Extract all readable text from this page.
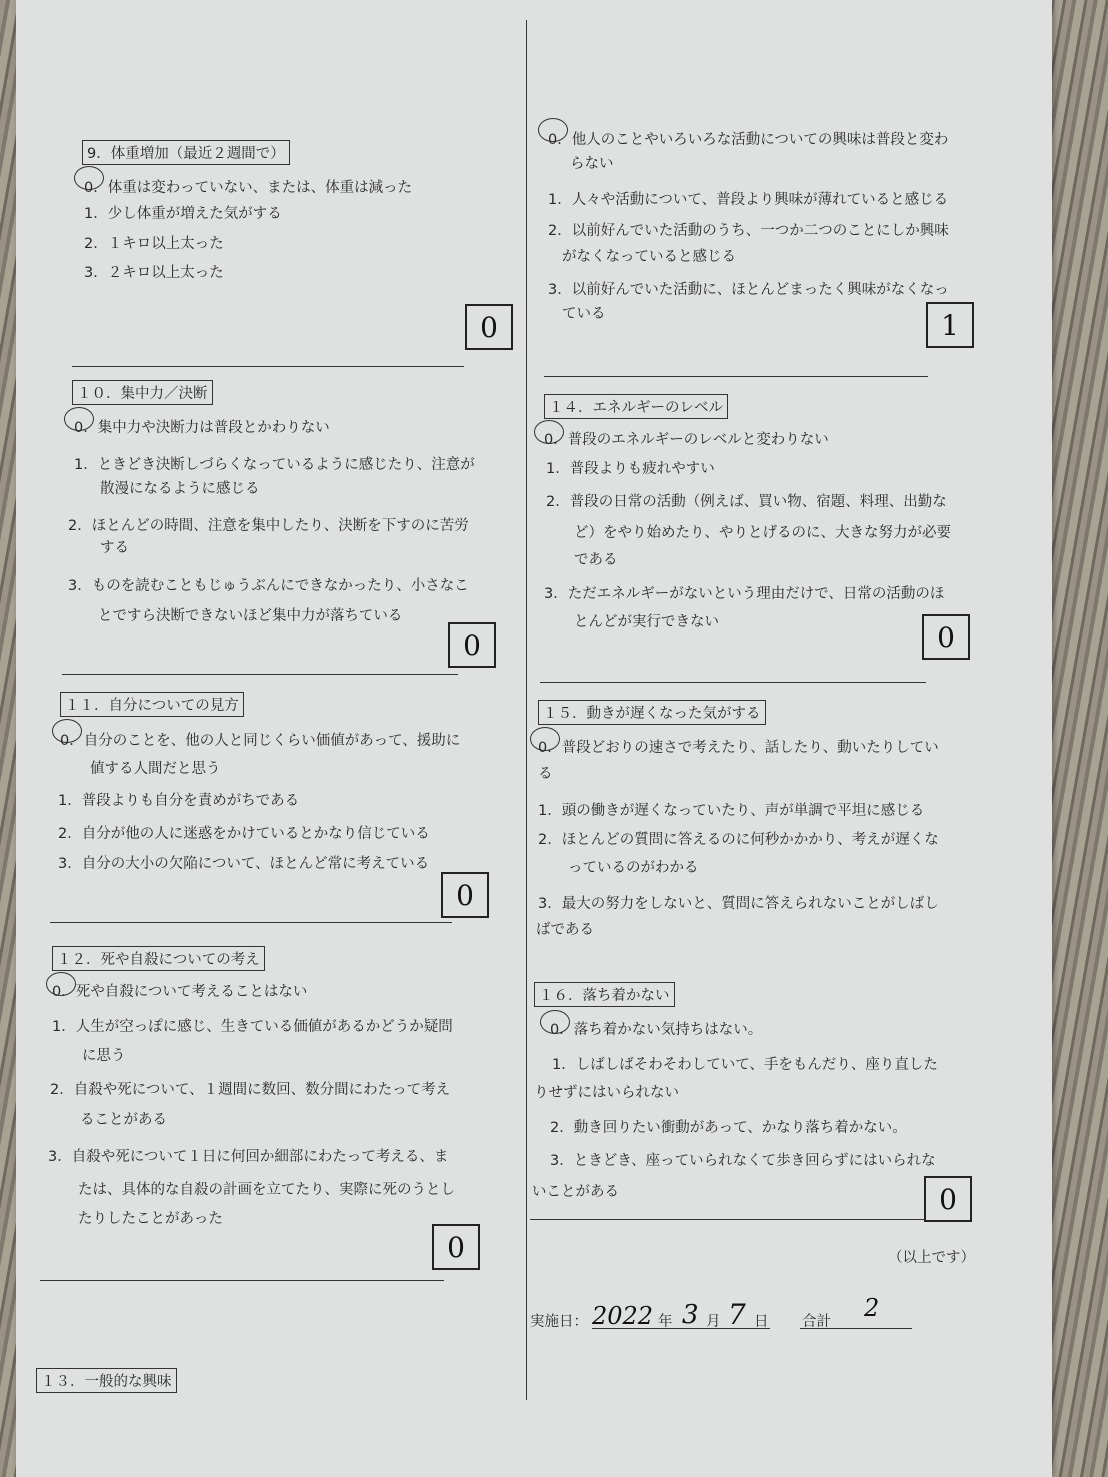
9．体重増加（最近２週間で）
0．体重は変わっていない、または、体重は減った
1．少し体重が増えた気がする
2．１キロ以上太った
3．２キロ以上太った
0
１０．集中力／決断
0．集中力や決断力は普段とかわりない
1．ときどき決断しづらくなっているように感じたり、注意が
散漫になるように感じる
2．ほとんどの時間、注意を集中したり、決断を下すのに苦労
する
3．ものを読むこともじゅうぶんにできなかったり、小さなこ
とですら決断できないほど集中力が落ちている
0
１１．自分についての見方
0．自分のことを、他の人と同じくらい価値があって、援助に
値する人間だと思う
1．普段よりも自分を責めがちである
2．自分が他の人に迷惑をかけているとかなり信じている
3．自分の大小の欠陥について、ほとんど常に考えている
0
１２．死や自殺についての考え
0．死や自殺について考えることはない
1．人生が空っぽに感じ、生きている価値があるかどうか疑問
に思う
2．自殺や死について、１週間に数回、数分間にわたって考え
ることがある
3．自殺や死について１日に何回か細部にわたって考える、ま
たは、具体的な自殺の計画を立てたり、実際に死のうとし
たりしたことがあった
0
１３．一般的な興味
0．他人のことやいろいろな活動についての興味は普段と変わ
らない
1．人々や活動について、普段より興味が薄れていると感じる
2．以前好んでいた活動のうち、一つか二つのことにしか興味
がなくなっていると感じる
3．以前好んでいた活動に、ほとんどまったく興味がなくなっ
ている	1
１４．エネルギーのレベル
0．普段のエネルギーのレベルと変わりない
1．普段よりも疲れやすい
2．普段の日常の活動（例えば、買い物、宿題、料理、出勤な
ど）をやり始めたり、やりとげるのに、大きな努力が必要
である
3．ただエネルギーがないという理由だけで、日常の活動のほ
とんどが実行できない	0
１５．動きが遅くなった気がする
0．普段どおりの速さで考えたり、話したり、動いたりしてい
る
1．頭の働きが遅くなっていたり、声が単調で平坦に感じる
2．ほとんどの質問に答えるのに何秒かかかり、考えが遅くな
っているのがわかる
3．最大の努力をしないと、質問に答えられないことがしばし
ばである
１６．落ち着かない
0．落ち着かない気持ちはない。
1．しばしばそわそわしていて、手をもんだり、座り直した
りせずにはいられない
2．動き回りたい衝動があって、かなり落ち着かない。
3．ときどき、座っていられなくて歩き回らずにはいられな
いことがある	0
（以上です）
実施日： 2022 年 3 月 7 日 合計 2
